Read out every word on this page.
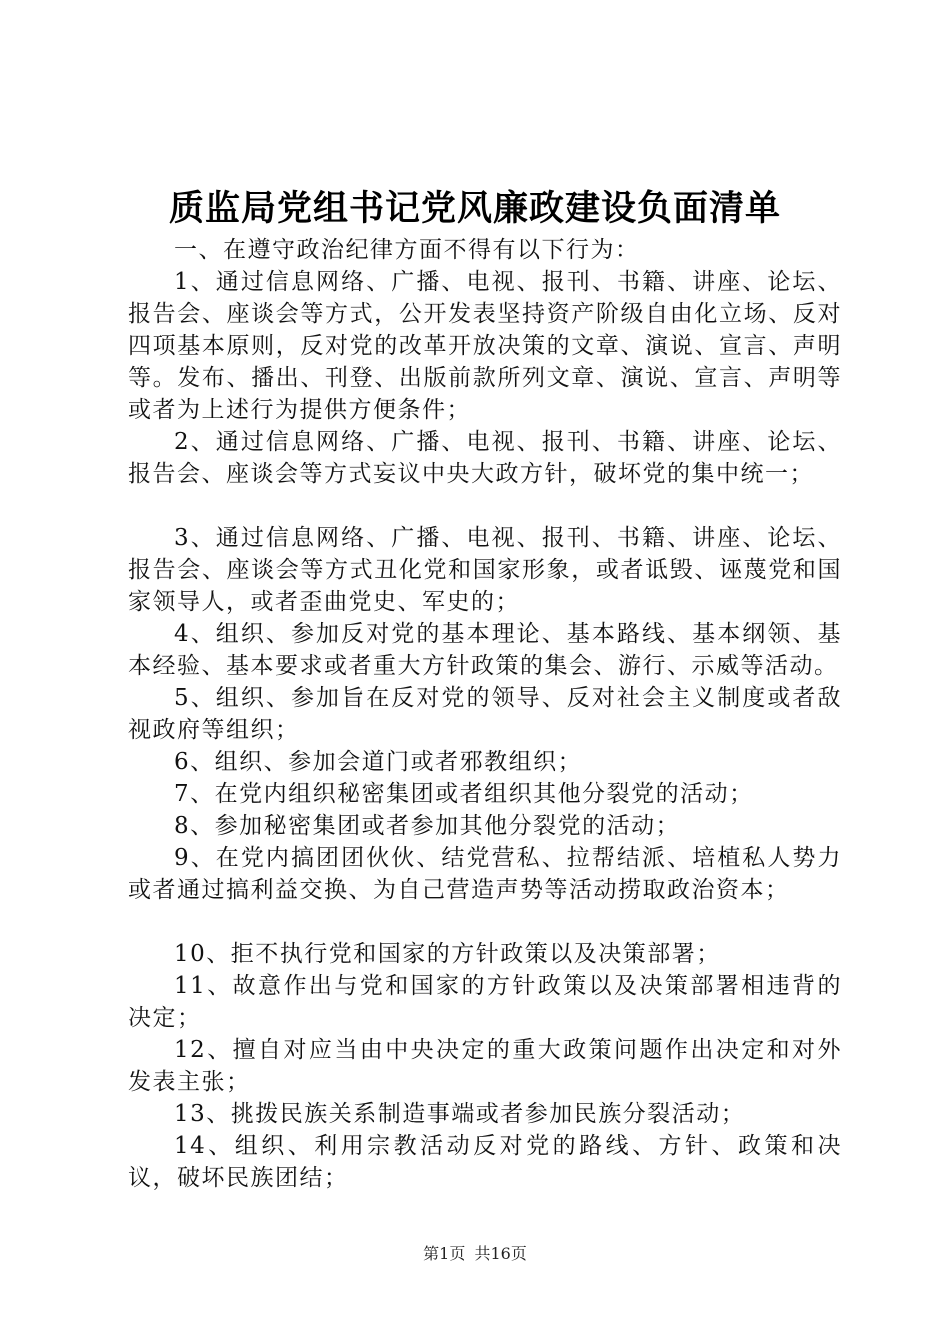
质监局党组书记党风廉政建设负面清单

一、在遵守政治纪律方面不得有以下行为：

1、通过信息网络、广播、电视、报刊、书籍、讲座、论坛、报告会、座谈会等方式，公开发表坚持资产阶级自由化立场、反对四项基本原则，反对党的改革开放决策的文章、演说、宣言、声明等。发布、播出、刊登、出版前款所列文章、演说、宣言、声明等或者为上述行为提供方便条件；

2、通过信息网络、广播、电视、报刊、书籍、讲座、论坛、报告会、座谈会等方式妄议中央大政方针，破坏党的集中统一；

3、通过信息网络、广播、电视、报刊、书籍、讲座、论坛、报告会、座谈会等方式丑化党和国家形象，或者诋毁、诬蔑党和国家领导人，或者歪曲党史、军史的；

4、组织、参加反对党的基本理论、基本路线、基本纲领、基本经验、基本要求或者重大方针政策的集会、游行、示威等活动。

5、组织、参加旨在反对党的领导、反对社会主义制度或者敌视政府等组织；

6、组织、参加会道门或者邪教组织；

7、在党内组织秘密集团或者组织其他分裂党的活动；

8、参加秘密集团或者参加其他分裂党的活动；

9、在党内搞团团伙伙、结党营私、拉帮结派、培植私人势力或者通过搞利益交换、为自己营造声势等活动捞取政治资本；

10、拒不执行党和国家的方针政策以及决策部署；

11、故意作出与党和国家的方针政策以及决策部署相违背的决定；

12、擅自对应当由中央决定的重大政策问题作出决定和对外发表主张；

13、挑拨民族关系制造事端或者参加民族分裂活动；

14、组织、利用宗教活动反对党的路线、方针、政策和决议，破坏民族团结；

第1页 共16页
